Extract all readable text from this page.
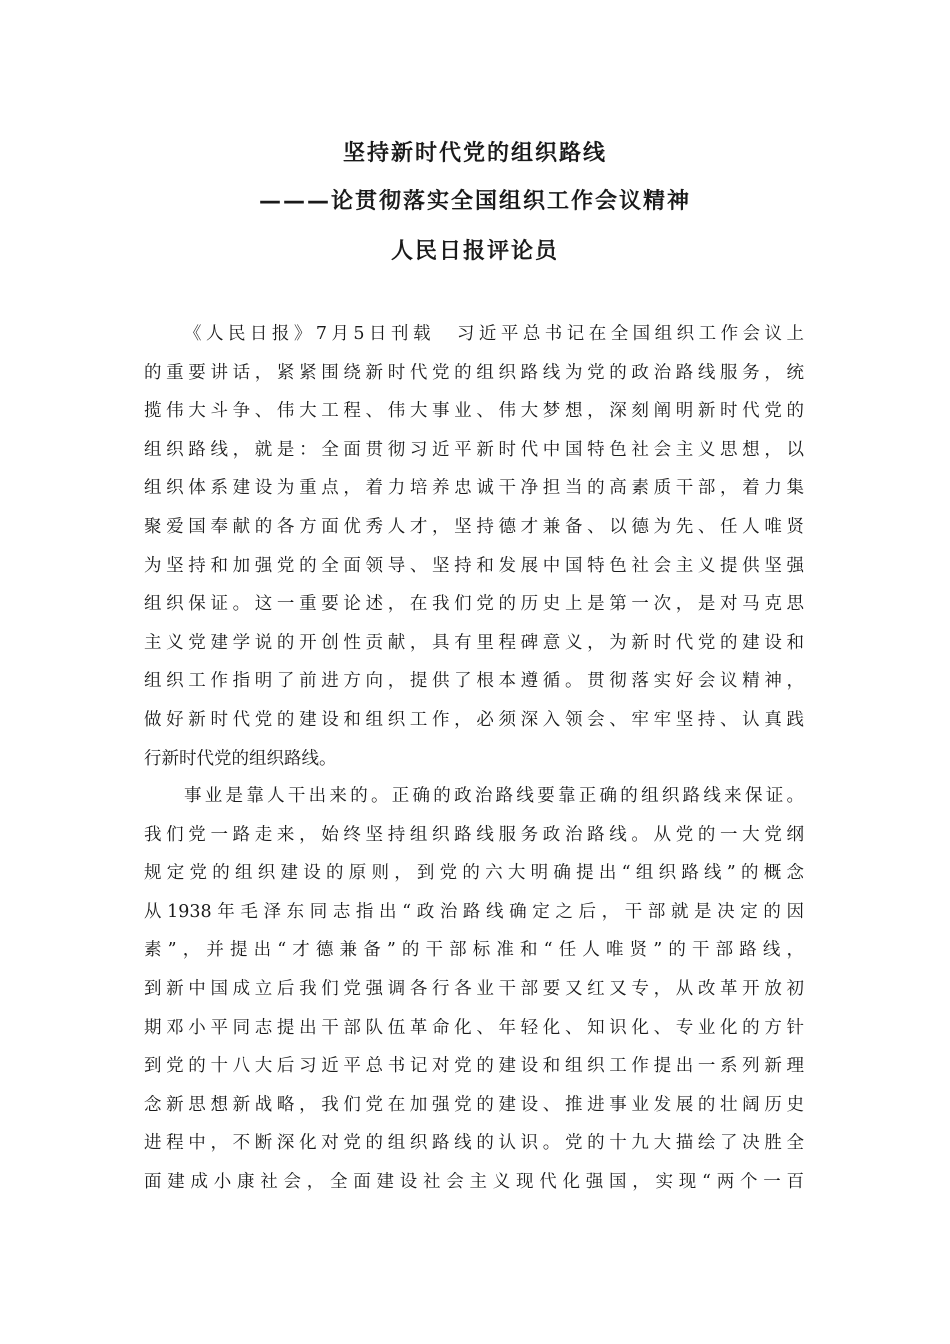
坚持新时代党的组织路线
———论贯彻落实全国组织工作会议精神
人民日报评论员
《人民日报》7月5日刊载　习近平总书记在全国组织工作会议上
的重要讲话，紧紧围绕新时代党的组织路线为党的政治路线服务，统
揽伟大斗争、伟大工程、伟大事业、伟大梦想，深刻阐明新时代党的
组织路线，就是：全面贯彻习近平新时代中国特色社会主义思想，以
组织体系建设为重点，着力培养忠诚干净担当的高素质干部，着力集
聚爱国奉献的各方面优秀人才，坚持德才兼备、以德为先、任人唯贤
为坚持和加强党的全面领导、坚持和发展中国特色社会主义提供坚强
组织保证。这一重要论述，在我们党的历史上是第一次，是对马克思
主义党建学说的开创性贡献，具有里程碑意义，为新时代党的建设和
组织工作指明了前进方向，提供了根本遵循。贯彻落实好会议精神，
做好新时代党的建设和组织工作，必须深入领会、牢牢坚持、认真践
行新时代党的组织路线。
事业是靠人干出来的。正确的政治路线要靠正确的组织路线来保证。
我们党一路走来，始终坚持组织路线服务政治路线。从党的一大党纲
规定党的组织建设的原则，到党的六大明确提出“组织路线”的概念
从1938年毛泽东同志指出“政治路线确定之后，干部就是决定的因
素”，并提出“才德兼备”的干部标准和“任人唯贤”的干部路线，
到新中国成立后我们党强调各行各业干部要又红又专，从改革开放初
期邓小平同志提出干部队伍革命化、年轻化、知识化、专业化的方针
到党的十八大后习近平总书记对党的建设和组织工作提出一系列新理
念新思想新战略，我们党在加强党的建设、推进事业发展的壮阔历史
进程中，不断深化对党的组织路线的认识。党的十九大描绘了决胜全
面建成小康社会，全面建设社会主义现代化强国，实现“两个一百
